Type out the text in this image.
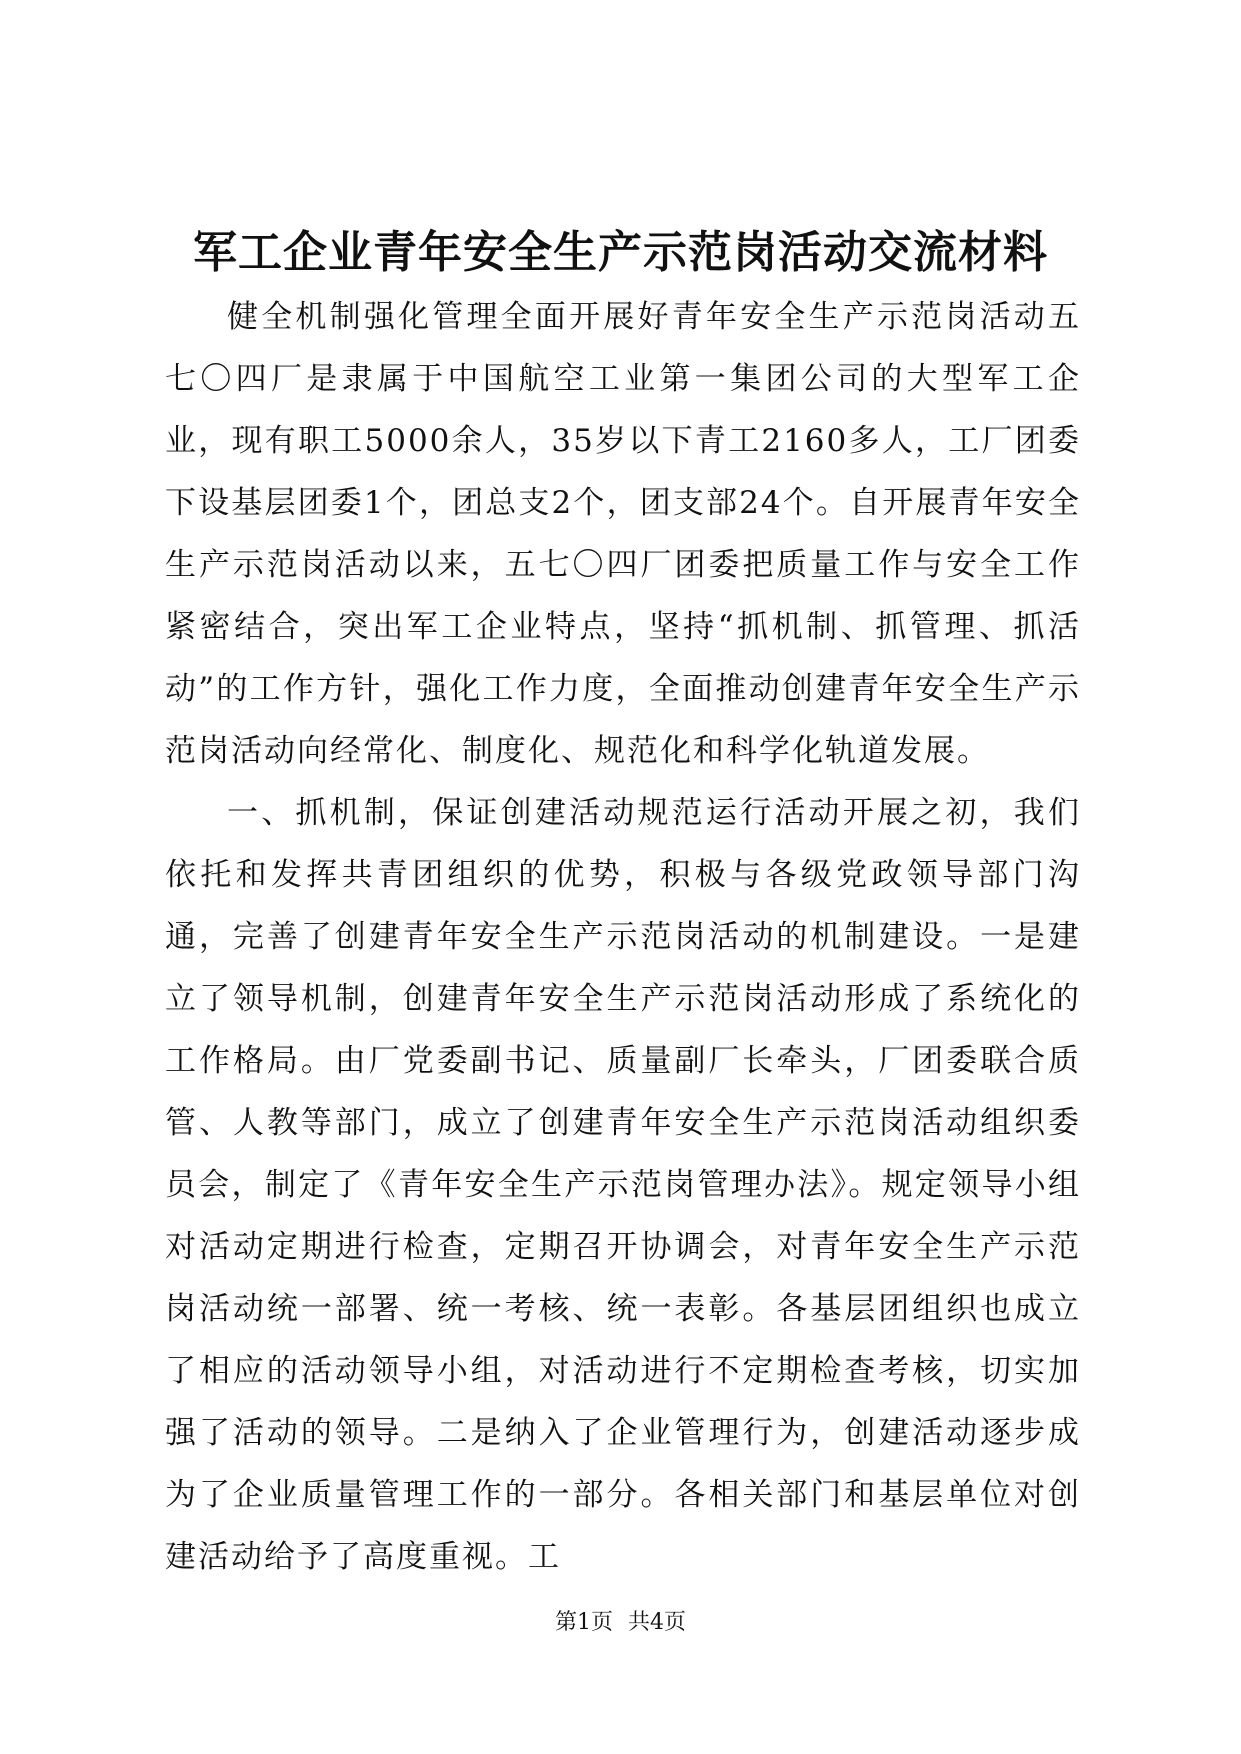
军工企业青年安全生产示范岗活动交流材料

健全机制强化管理全面开展好青年安全生产示范岗活动五七〇四厂是隶属于中国航空工业第一集团公司的大型军工企业，现有职工5000余人，35岁以下青工2160多人，工厂团委下设基层团委1个，团总支2个，团支部24个。自开展青年安全生产示范岗活动以来，五七〇四厂团委把质量工作与安全工作紧密结合，突出军工企业特点，坚持“抓机制、抓管理、抓活动”的工作方针，强化工作力度，全面推动创建青年安全生产示范岗活动向经常化、制度化、规范化和科学化轨道发展。

一、抓机制，保证创建活动规范运行活动开展之初，我们依托和发挥共青团组织的优势，积极与各级党政领导部门沟通，完善了创建青年安全生产示范岗活动的机制建设。一是建立了领导机制，创建青年安全生产示范岗活动形成了系统化的工作格局。由厂党委副书记、质量副厂长牵头，厂团委联合质管、人教等部门，成立了创建青年安全生产示范岗活动组织委员会，制定了《青年安全生产示范岗管理办法》。规定领导小组对活动定期进行检查，定期召开协调会，对青年安全生产示范岗活动统一部署、统一考核、统一表彰。各基层团组织也成立了相应的活动领导小组，对活动进行不定期检查考核，切实加强了活动的领导。二是纳入了企业管理行为，创建活动逐步成为了企业质量管理工作的一部分。各相关部门和基层单位对创建活动给予了高度重视。工

第1页 共4页
